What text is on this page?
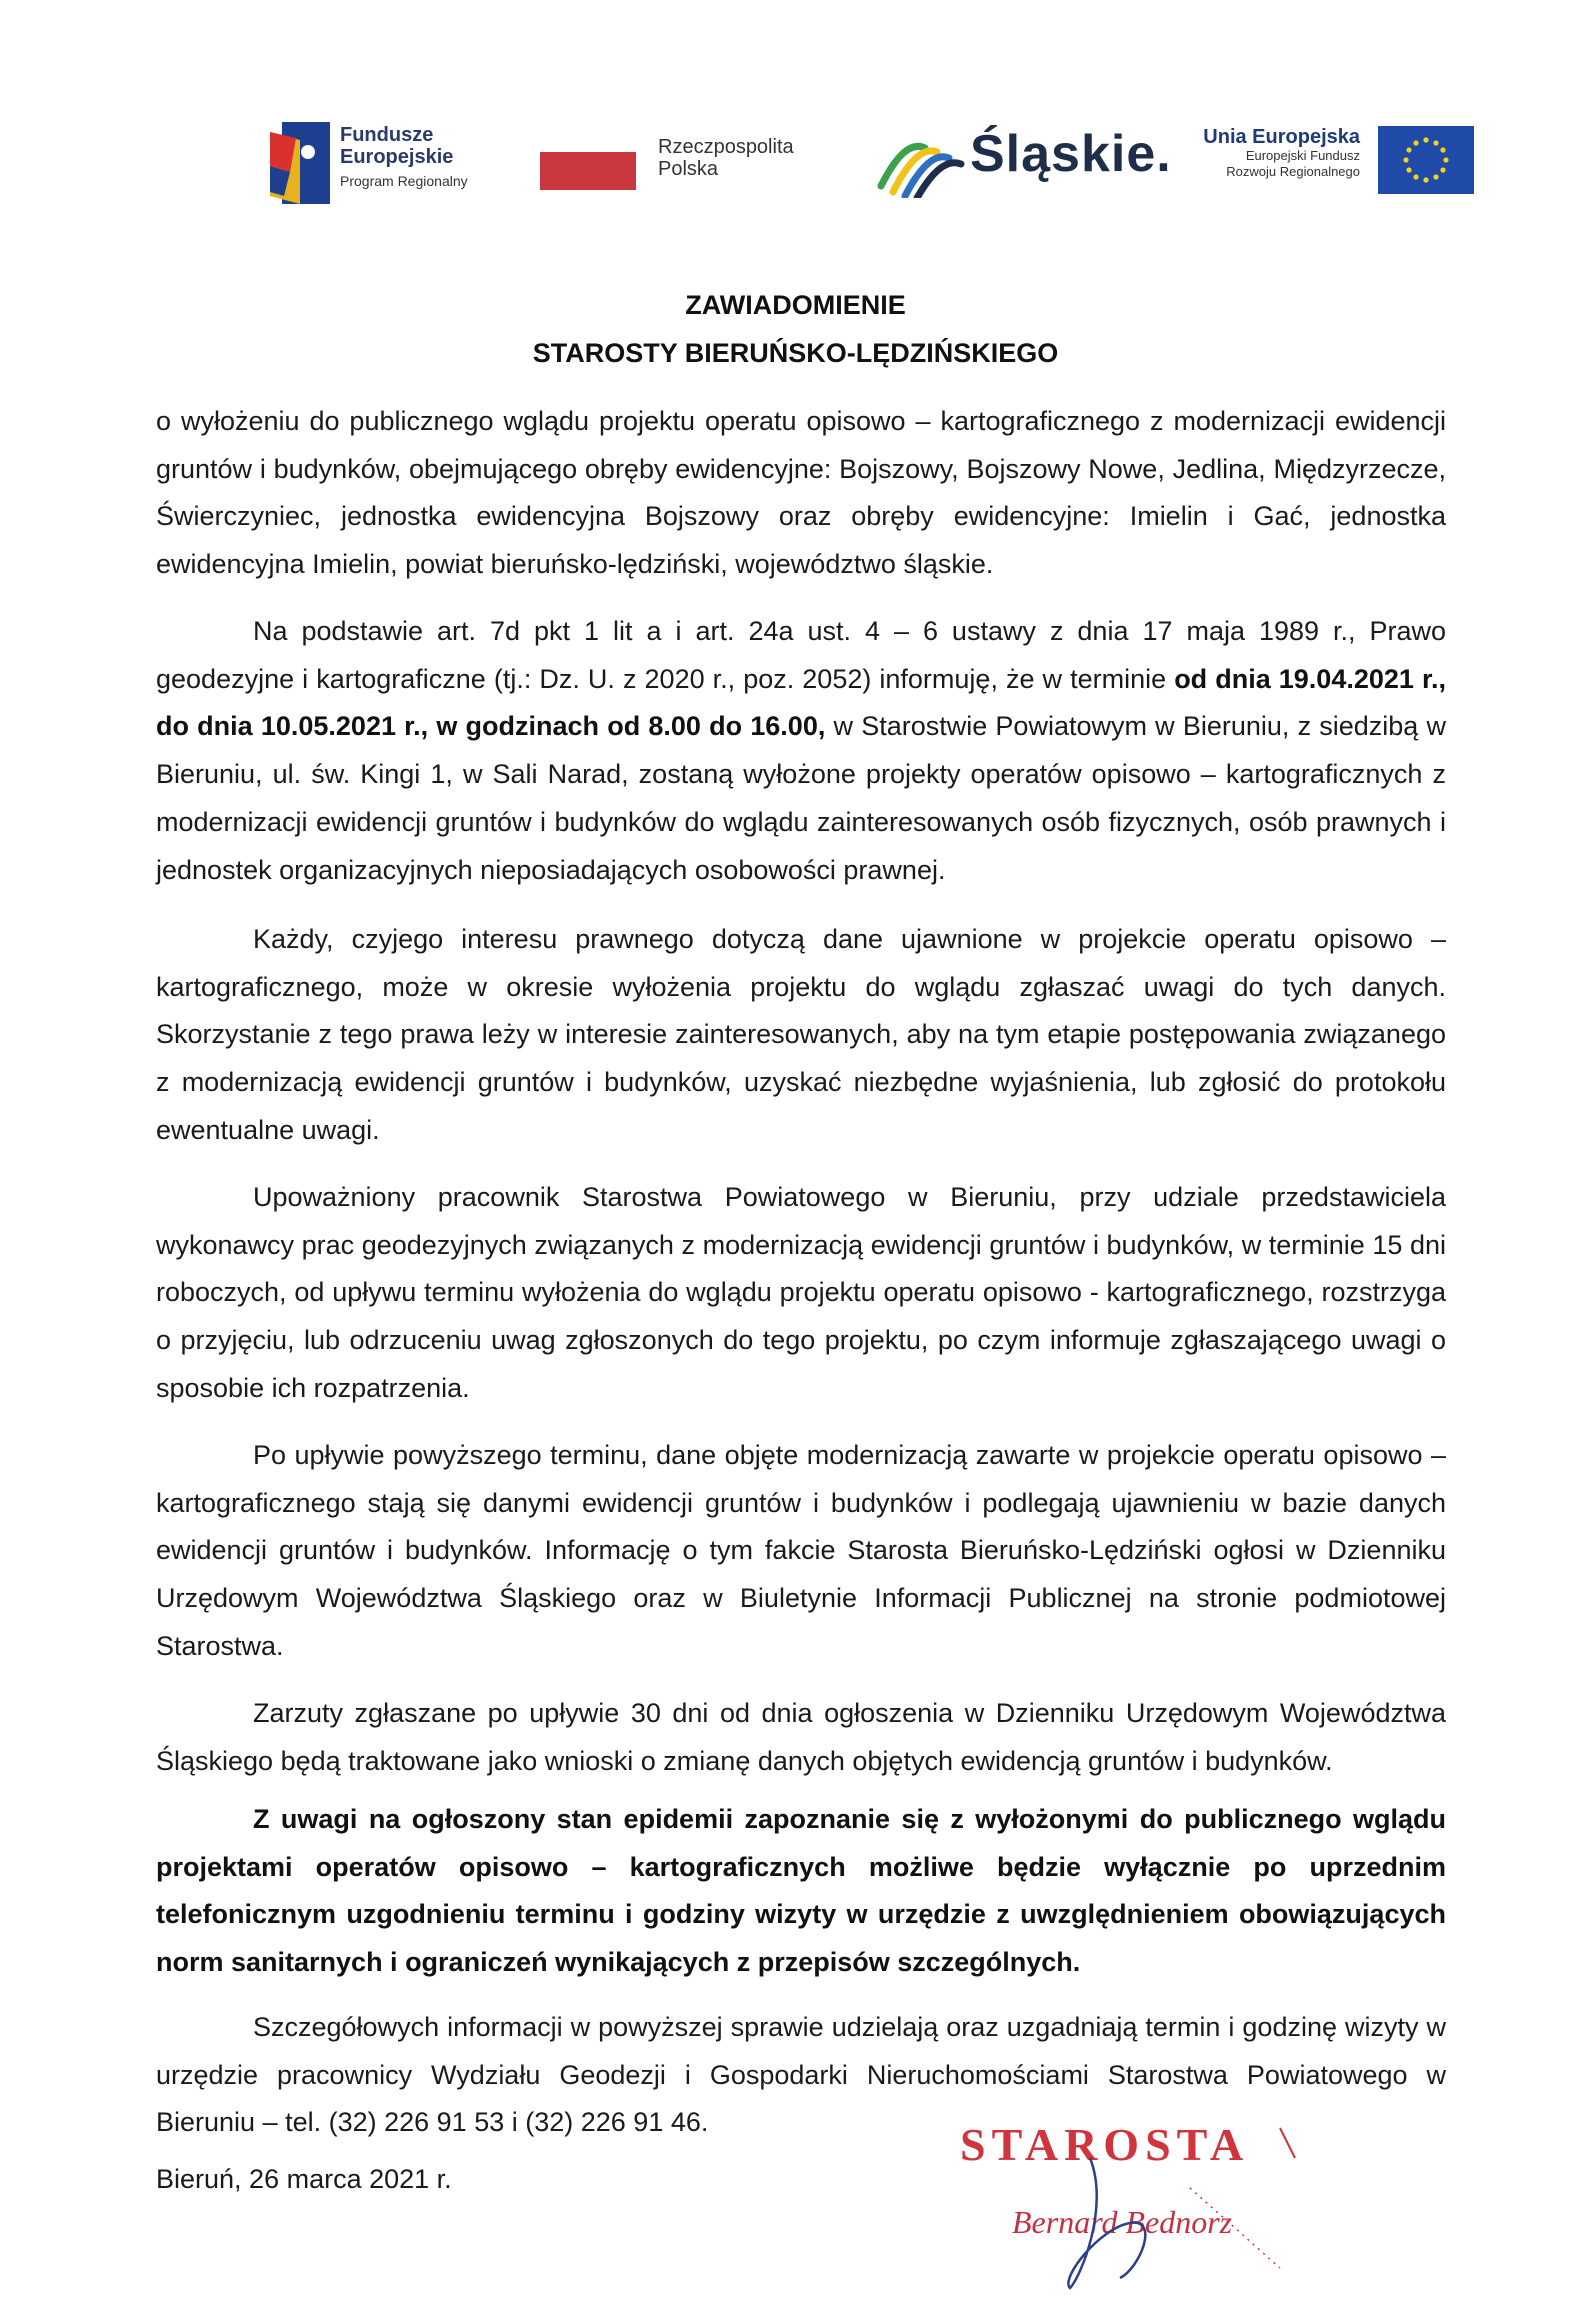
Fundusze
Europejskie
Program Regionalny
Rzeczpospolita
Polska	Śląskie.	Unia Europejska
Europejski Fundusz
Rozwoju Regionalnego
ZAWIADOMIENIE
STAROSTY BIERUŃSKO-LĘDZIŃSKIEGO
o wyłożeniu do publicznego wglądu projektu operatu opisowo – kartograficznego z modernizacji ewidencji gruntów i budynków, obejmującego obręby ewidencyjne: Bojszowy, Bojszowy Nowe, Jedlina, Międzyrzecze, Świerczyniec, jednostka ewidencyjna Bojszowy oraz obręby ewidencyjne: Imielin i Gać, jednostka ewidencyjna Imielin, powiat bieruńsko-lędziński, województwo śląskie.
Na podstawie art. 7d pkt 1 lit a i art. 24a ust. 4 – 6 ustawy z dnia 17 maja 1989 r., Prawo geodezyjne i kartograficzne (tj.: Dz. U. z 2020 r., poz. 2052) informuję, że w terminie od dnia 19.04.2021 r., do dnia 10.05.2021 r., w godzinach od 8.00 do 16.00, w Starostwie Powiatowym w Bieruniu, z siedzibą w Bieruniu, ul. św. Kingi 1, w Sali Narad, zostaną wyłożone projekty operatów opisowo – kartograficznych z modernizacji ewidencji gruntów i budynków do wglądu zainteresowanych osób fizycznych, osób prawnych i jednostek organizacyjnych nieposiadających osobowości prawnej.
Każdy, czyjego interesu prawnego dotyczą dane ujawnione w projekcie operatu opisowo – kartograficznego, może w okresie wyłożenia projektu do wglądu zgłaszać uwagi do tych danych. Skorzystanie z tego prawa leży w interesie zainteresowanych, aby na tym etapie postępowania związanego z modernizacją ewidencji gruntów i budynków, uzyskać niezbędne wyjaśnienia, lub zgłosić do protokołu ewentualne uwagi.
Upoważniony pracownik Starostwa Powiatowego w Bieruniu, przy udziale przedstawiciela wykonawcy prac geodezyjnych związanych z modernizacją ewidencji gruntów i budynków, w terminie 15 dni roboczych, od upływu terminu wyłożenia do wglądu projektu operatu opisowo - kartograficznego, rozstrzyga o przyjęciu, lub odrzuceniu uwag zgłoszonych do tego projektu, po czym informuje zgłaszającego uwagi o sposobie ich rozpatrzenia.
Po upływie powyższego terminu, dane objęte modernizacją zawarte w projekcie operatu opisowo – kartograficznego stają się danymi ewidencji gruntów i budynków i podlegają ujawnieniu w bazie danych ewidencji gruntów i budynków. Informację o tym fakcie Starosta Bieruńsko-Lędziński ogłosi w Dzienniku Urzędowym Województwa Śląskiego oraz w Biuletynie Informacji Publicznej na stronie podmiotowej Starostwa.
Zarzuty zgłaszane po upływie 30 dni od dnia ogłoszenia w Dzienniku Urzędowym Województwa Śląskiego będą traktowane jako wnioski o zmianę danych objętych ewidencją gruntów i budynków.
Z uwagi na ogłoszony stan epidemii zapoznanie się z wyłożonymi do publicznego wglądu projektami operatów opisowo – kartograficznych możliwe będzie wyłącznie po uprzednim telefonicznym uzgodnieniu terminu i godziny wizyty w urzędzie z uwzględnieniem obowiązujących norm sanitarnych i ograniczeń wynikających z przepisów szczególnych.
Szczegółowych informacji w powyższej sprawie udzielają oraz uzgadniają termin i godzinę wizyty w urzędzie pracownicy Wydziału Geodezji i Gospodarki Nieruchomościami Starostwa Powiatowego w Bieruniu – tel. (32) 226 91 53 i (32) 226 91 46.
Bieruń, 26 marca 2021 r.
STAROSTA
Bernard Bednorz
